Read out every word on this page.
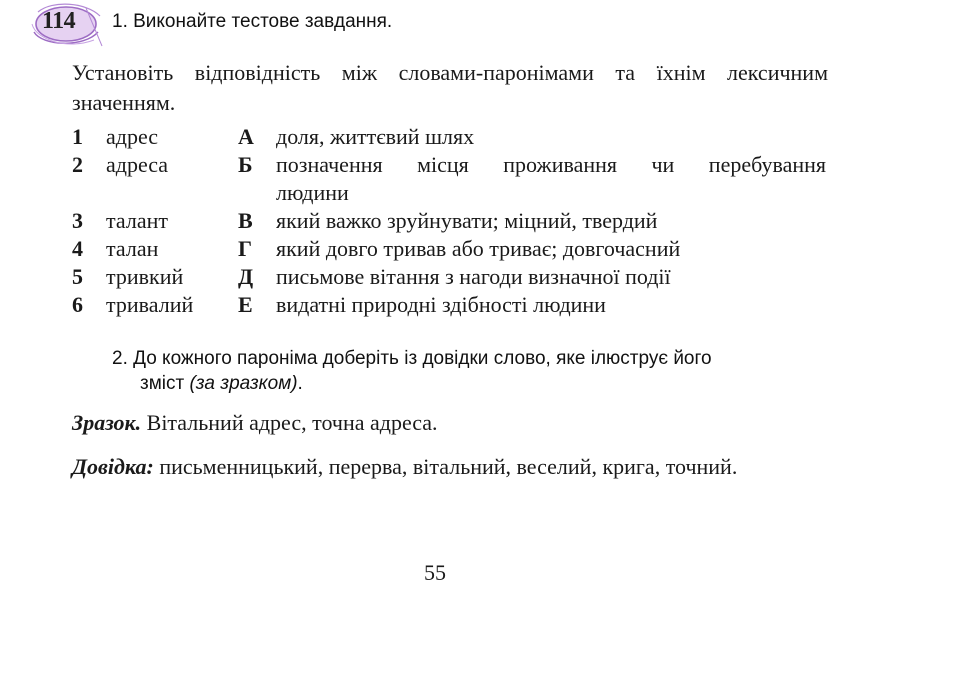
114 1. Виконайте тестове завдання.
Установіть відповідність між словами-паронімами та їхнім лексичним значенням.
1	адрес	А	доля, життєвий шлях
2	адреса	Б	позначення місця проживання чи перебування
людини
3	талант	В	який важко зруйнувати; міцний, твердий
4	талан	Г	який довго тривав або триває; довгочасний
5	тривкий	Д	письмове вітання з нагоди визначної події
6	тривалий	Е	видатні природні здібності людини
2. До кожного пароніма доберіть із довідки слово, яке ілюструє його
зміст (за зразком).
Зразок. Вітальний адрес, точна адреса.
Довідка: письменницький, перерва, вітальний, веселий, крига, точний.
55
